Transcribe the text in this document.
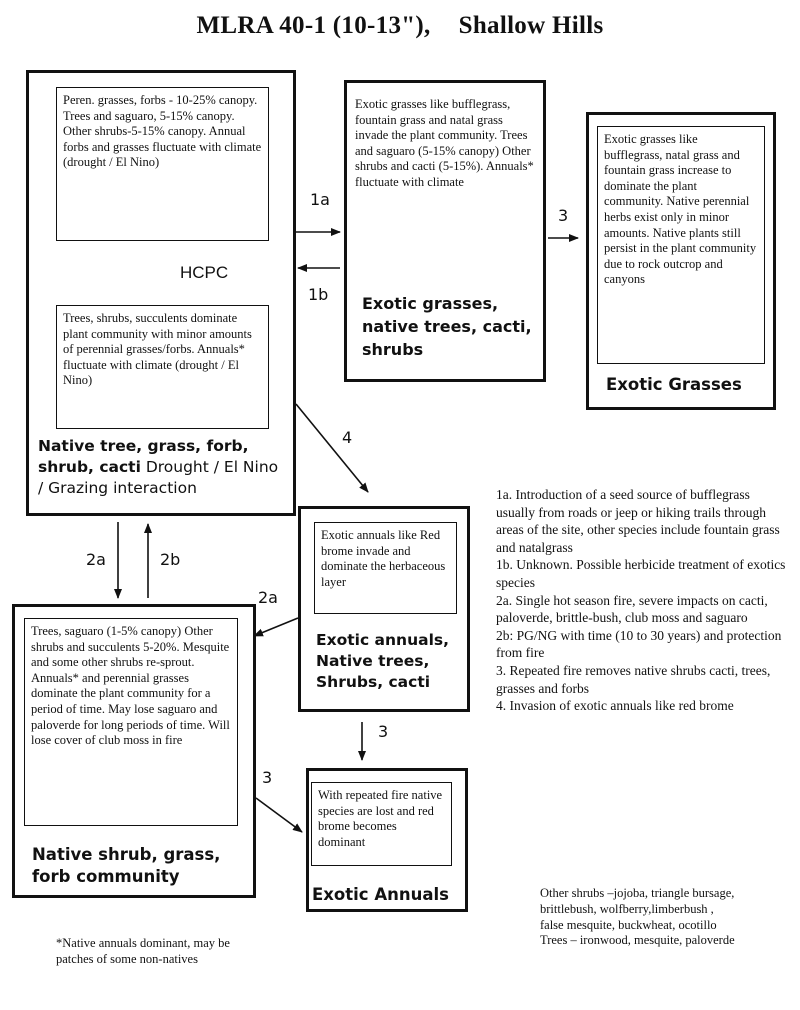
MLRA 40-1 (10-13"), Shallow Hills
Peren. grasses, forbs - 10-25% canopy. Trees and saguaro, 5-15% canopy. Other shrubs-5-15% canopy. Annual forbs and grasses fluctuate with climate (drought / El Nino)
HCPC
Trees, shrubs, succulents dominate plant community with minor amounts of perennial grasses/forbs. Annuals* fluctuate with climate (drought / El Nino)
Native tree, grass, forb, shrub, cacti Drought / El Nino / Grazing interaction
Exotic grasses like bufflegrass, fountain grass and natal grass invade the plant community. Trees and saguaro (5-15% canopy) Other shrubs and cacti (5-15%). Annuals* fluctuate with climate
Exotic grasses, native trees, cacti, shrubs
Exotic grasses like bufflegrass, natal grass and fountain grass increase to dominate the plant community. Native perennial herbs exist only in minor amounts. Native plants still persist in the plant community due to rock outcrop and canyons
Exotic Grasses
Exotic annuals like Red brome invade and dominate the herbaceous layer
Exotic annuals, Native trees, Shrubs, cacti
Trees, saguaro (1-5% canopy) Other shrubs and succulents 5-20%. Mesquite and some other shrubs re-sprout. Annuals* and perennial grasses dominate the plant community for a period of time. May lose saguaro and paloverde for long periods of time. Will lose cover of club moss in fire
Native shrub, grass, forb community
With repeated fire native species are lost and red brome becomes dominant
Exotic Annuals
1a
1b
3
4
2a	2b
2a
3
3
1a. Introduction of a seed source of bufflegrass usually from roads or jeep or hiking trails through areas of the site, other species include fountain grass and natalgrass
1b. Unknown. Possible herbicide treatment of exotics species
2a. Single hot season fire, severe impacts on cacti, paloverde, brittle-bush, club moss and saguaro
2b: PG/NG with time (10 to 30 years) and protection from fire
3. Repeated fire removes native shrubs cacti, trees, grasses and forbs
4. Invasion of exotic annuals like red brome
*Native annuals dominant, may be patches of some non-natives
Other shrubs –jojoba, triangle bursage, brittlebush, wolfberry,limberbush , false mesquite, buckwheat, ocotillo Trees – ironwood, mesquite, paloverde
